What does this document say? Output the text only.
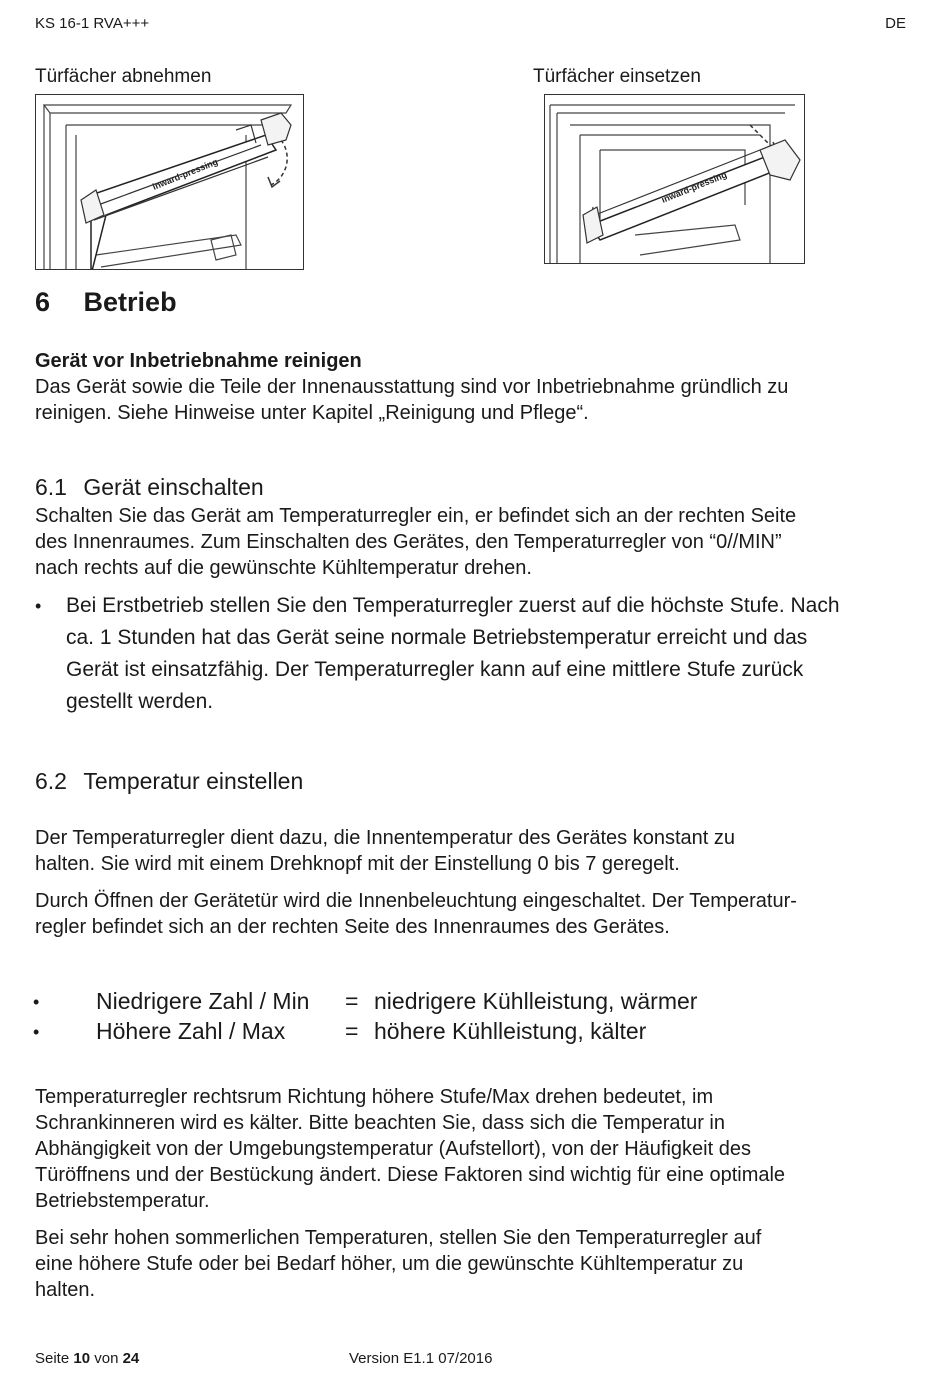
KS 16-1 RVA+++	DE
Türfächer abnehmen	Türfächer einsetzen
inward-pressing	inward-pressing
6 Betrieb
Gerät vor Inbetriebnahme reinigen
Das Gerät sowie die Teile der Innenausstattung sind vor Inbetriebnahme gründlich zu
reinigen. Siehe Hinweise unter Kapitel „Reinigung und Pflege“.
6.1 Gerät einschalten
Schalten Sie das Gerät am Temperaturregler ein, er befindet sich an der rechten Seite
des Innenraumes. Zum Einschalten des Gerätes, den Temperaturregler von “0//MIN”
nach rechts auf die gewünschte Kühltemperatur drehen.
• Bei Erstbetrieb stellen Sie den Temperaturregler zuerst auf die höchste Stufe. Nach
ca. 1 Stunden hat das Gerät seine normale Betriebstemperatur erreicht und das
Gerät ist einsatzfähig. Der Temperaturregler kann auf eine mittlere Stufe zurück
gestellt werden.
6.2 Temperatur einstellen
Der Temperaturregler dient dazu, die Innentemperatur des Gerätes konstant zu
halten. Sie wird mit einem Drehknopf mit der Einstellung 0 bis 7 geregelt.
Durch Öffnen der Gerätetür wird die Innenbeleuchtung eingeschaltet. Der Temperatur-
regler befindet sich an der rechten Seite des Innenraumes des Gerätes.
• Niedrigere Zahl / Min = niedrigere Kühlleistung, wärmer
• Höhere Zahl / Max	= höhere Kühlleistung, kälter
Temperaturregler rechtsrum Richtung höhere Stufe/Max drehen bedeutet, im
Schrankinneren wird es kälter. Bitte beachten Sie, dass sich die Temperatur in
Abhängigkeit von der Umgebungstemperatur (Aufstellort), von der Häufigkeit des
Türöffnens und der Bestückung ändert. Diese Faktoren sind wichtig für eine optimale
Betriebstemperatur.
Bei sehr hohen sommerlichen Temperaturen, stellen Sie den Temperaturregler auf
eine höhere Stufe oder bei Bedarf höher, um die gewünschte Kühltemperatur zu
halten.
Seite 10 von 24	Version E1.1 07/2016
